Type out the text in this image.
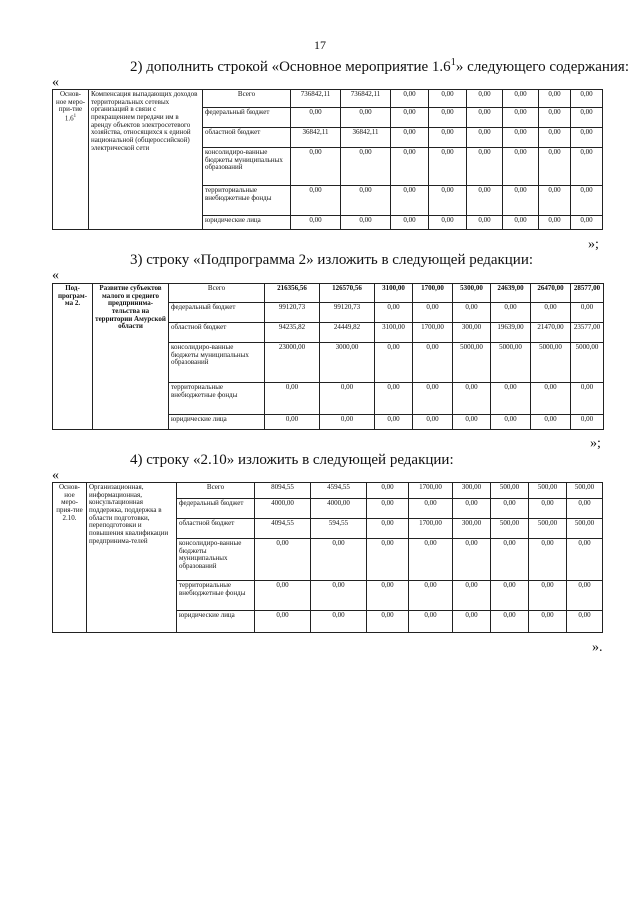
17
2) дополнить строкой «Основное мероприятие $1.6^1$» следующего содержания:
«
Основ-ное меро-при-тие $1.6^1$	Компенсация выпадающих доходов территориальных сетевых организаций в связи с прекращением передачи им в аренду объектов электросетевого хозяйства, относящихся к единой национальной (общероссийской) электрической сети	Всего	736842,11	736842,11	0,00	0,00	0,00	0,00	0,00	0,00
		федеральный бюджет	0,00	0,00	0,00	0,00	0,00	0,00	0,00	0,00
		областной бюджет	36842,11	36842,11	0,00	0,00	0,00	0,00	0,00	0,00
		консолидиро-ванные бюджеты муниципальных образований	0,00	0,00	0,00	0,00	0,00	0,00	0,00	0,00
		территориальные внебюджетные фонды	0,00	0,00	0,00	0,00	0,00	0,00	0,00	0,00
		юридические лица	0,00	0,00	0,00	0,00	0,00	0,00	0,00	0,00
»;
3) строку «Подпрограмма 2» изложить в следующей редакции:
«
Под-програм-ма 2.	Развитие субъектов малого и среднего предпринима-тельства на территории Амурской области	Всего	216356,56	126570,56	3100,00	1700,00	5300,00	24639,00	26470,00	28577,00
		федеральный бюджет	99120,73	99120,73	0,00	0,00	0,00	0,00	0,00	0,00
		областной бюджет	94235,82	24449,82	3100,00	1700,00	300,00	19639,00	21470,00	23577,00
		консолидиро-ванные бюджеты муниципальных образований	23000,00	3000,00	0,00	0,00	5000,00	5000,00	5000,00	5000,00
		территориальные внебюджетные фонды	0,00	0,00	0,00	0,00	0,00	0,00	0,00	0,00
		юридические лица	0,00	0,00	0,00	0,00	0,00	0,00	0,00	0,00
»;
4) строку «2.10» изложить в следующей редакции:
«
Основ-ное меро-прия-тие 2.10.	Организационная, информационная, консультационная поддержка, поддержка в области подготовки, переподготовки и повышения квалификации предпринима-телей	Всего	8094,55	4594,55	0,00	1700,00	300,00	500,00	500,00	500,00
		федеральный бюджет	4000,00	4000,00	0,00	0,00	0,00	0,00	0,00	0,00
		областной бюджет	4094,55	594,55	0,00	1700,00	300,00	500,00	500,00	500,00
		консолидиро-ванные бюджеты муниципальных образований	0,00	0,00	0,00	0,00	0,00	0,00	0,00	0,00
		территориальные внебюджетные фонды	0,00	0,00	0,00	0,00	0,00	0,00	0,00	0,00
		юридические лица	0,00	0,00	0,00	0,00	0,00	0,00	0,00	0,00
».
